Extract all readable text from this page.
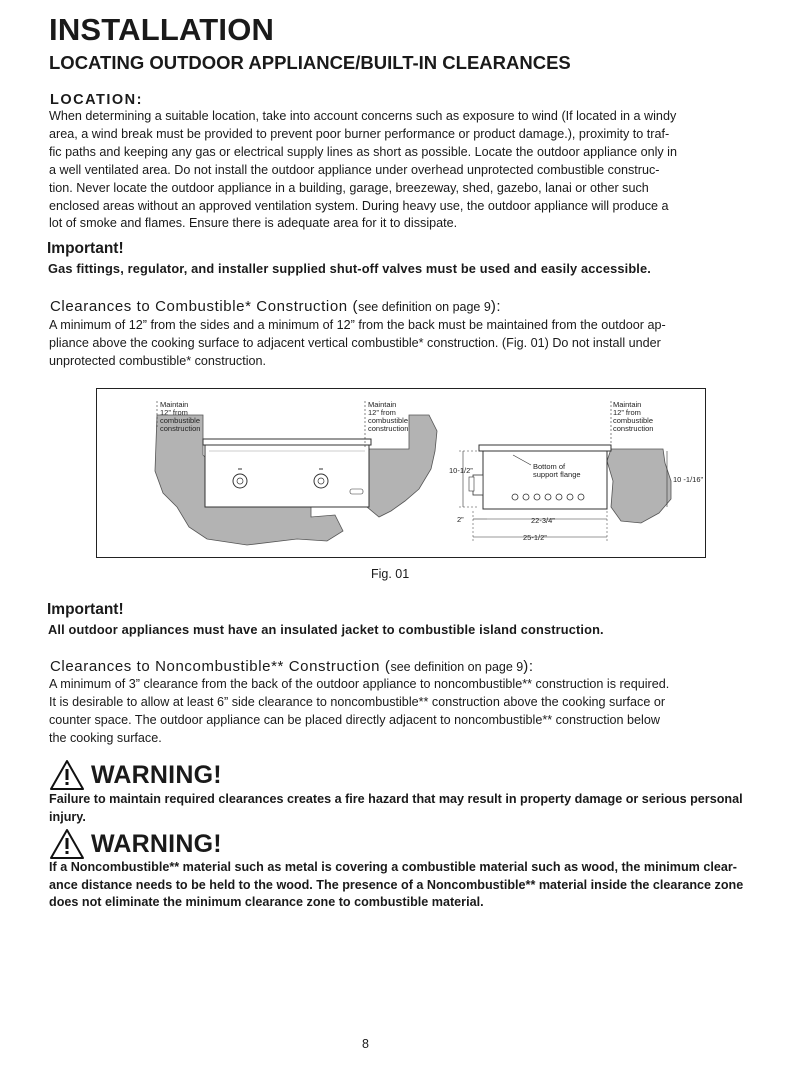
INSTALLATION
LOCATING OUTDOOR APPLIANCE/BUILT-IN CLEARANCES
LOCATION:
When determining a suitable location, take into account concerns such as exposure to wind (If located in a windy
area, a wind break must be provided to prevent poor burner performance or product damage.), proximity to traf-
fic paths and keeping any gas or electrical supply lines as short as possible. Locate the outdoor appliance only in
a well ventilated area. Do not install the outdoor appliance under overhead unprotected combustible construc-
tion. Never locate the outdoor appliance in a building, garage, breezeway, shed, gazebo, lanai or other such
enclosed areas without an approved ventilation system. During heavy use, the outdoor appliance will produce a
lot of smoke and flames. Ensure there is adequate area for it to dissipate.
Important!
Gas fittings, regulator, and installer supplied shut-off valves must be used and easily accessible.
Clearances to Combustible* Construction (see definition on page 9):
A minimum of 12” from the sides and a minimum of 12” from the back must be maintained from the outdoor ap-
pliance above the cooking surface to adjacent vertical combustible* construction. (Fig. 01) Do not install under
unprotected combustible* construction.
Maintain
12” from
combustible
construction
Maintain
12” from
combustible
construction
Maintain
12” from
combustible
construction
10-1/2”
10 -1/16”
Bottom of
support flange
2”	22-3/4”
25-1/2”
Fig. 01
Important!
All outdoor appliances must have an insulated jacket to combustible island construction.
Clearances to Noncombustible** Construction (see definition on page 9):
A minimum of 3” clearance from the back of the outdoor appliance to noncombustible** construction is required.
It is desirable to allow at least 6” side clearance to noncombustible** construction above the cooking surface or
counter space. The outdoor appliance can be placed directly adjacent to noncombustible** construction below
the cooking surface.
WARNING!
Failure to maintain required clearances creates a fire hazard that may result in property damage or serious personal
injury.
WARNING!
If a Noncombustible** material such as metal is covering a combustible material such as wood, the minimum clear-
ance distance needs to be held to the wood. The presence of a Noncombustible** material inside the clearance zone
does not eliminate the minimum clearance zone to combustible material.
8
